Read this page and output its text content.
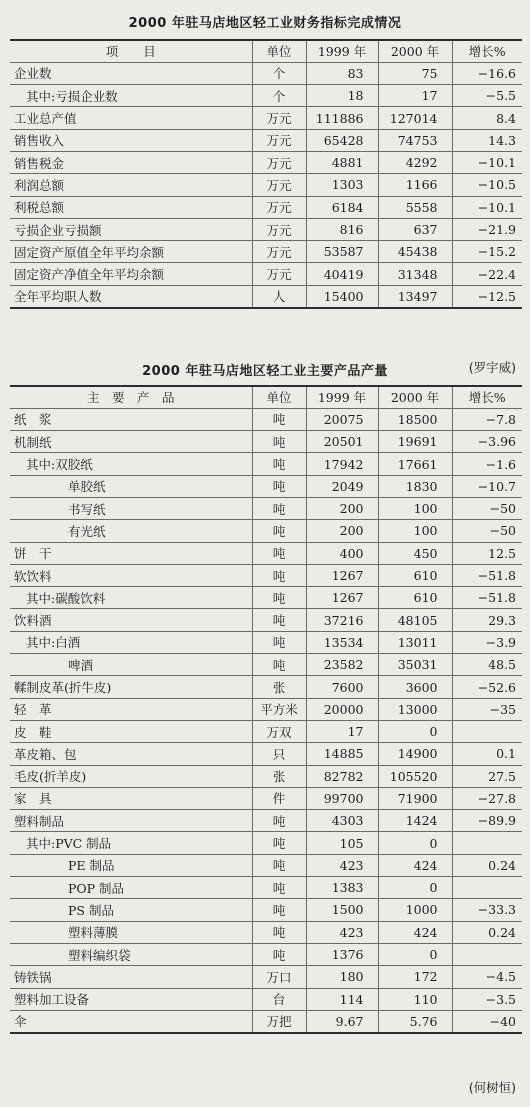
2000 年驻马店地区轻工业财务指标完成情况
项　　目	单位	1999 年	2000 年	增长%
企业数	个	83	75	−16.6
其中:亏损企业数	个	18	17	−5.5
工业总产值	万元	111886	127014	8.4
销售收入	万元	65428	74753	14.3
销售税金	万元	4881	4292	−10.1
利润总额	万元	1303	1166	−10.5
利税总额	万元	6184	5558	−10.1
亏损企业亏损额	万元	816	637	−21.9
固定资产原值全年平均余额	万元	53587	45438	−15.2
固定资产净值全年平均余额	万元	40419	31348	−22.4
全年平均职人数	人	15400	13497	−12.5
(罗宇威)
2000 年驻马店地区轻工业主要产品产量
主　要　产　品	单位	1999 年	2000 年	增长%
纸　浆	吨	20075	18500	−7.8
机制纸	吨	20501	19691	−3.96
其中:双胶纸	吨	17942	17661	−1.6
单胶纸	吨	2049	1830	−10.7
书写纸	吨	200	100	−50
有光纸	吨	200	100	−50
饼　干	吨	400	450	12.5
软饮料	吨	1267	610	−51.8
其中:碳酸饮料	吨	1267	610	−51.8
饮料酒	吨	37216	48105	29.3
其中:白酒	吨	13534	13011	−3.9
啤酒	吨	23582	35031	48.5
鞣制皮革(折牛皮)	张	7600	3600	−52.6
轻　革	平方米	20000	13000	−35
皮　鞋	万双	17	0	
革皮箱、包	只	14885	14900	0.1
毛皮(折羊皮)	张	82782	105520	27.5
家　具	件	99700	71900	−27.8
塑料制品	吨	4303	1424	−89.9
其中:PVC 制品	吨	105	0	
PE 制品	吨	423	424	0.24
POP 制品	吨	1383	0	
PS 制品	吨	1500	1000	−33.3
塑料薄膜	吨	423	424	0.24
塑料编织袋	吨	1376	0	
铸铁锅	万口	180	172	−4.5
塑料加工设备	台	114	110	−3.5
伞	万把	9.67	5.76	−40
(何树恒)
